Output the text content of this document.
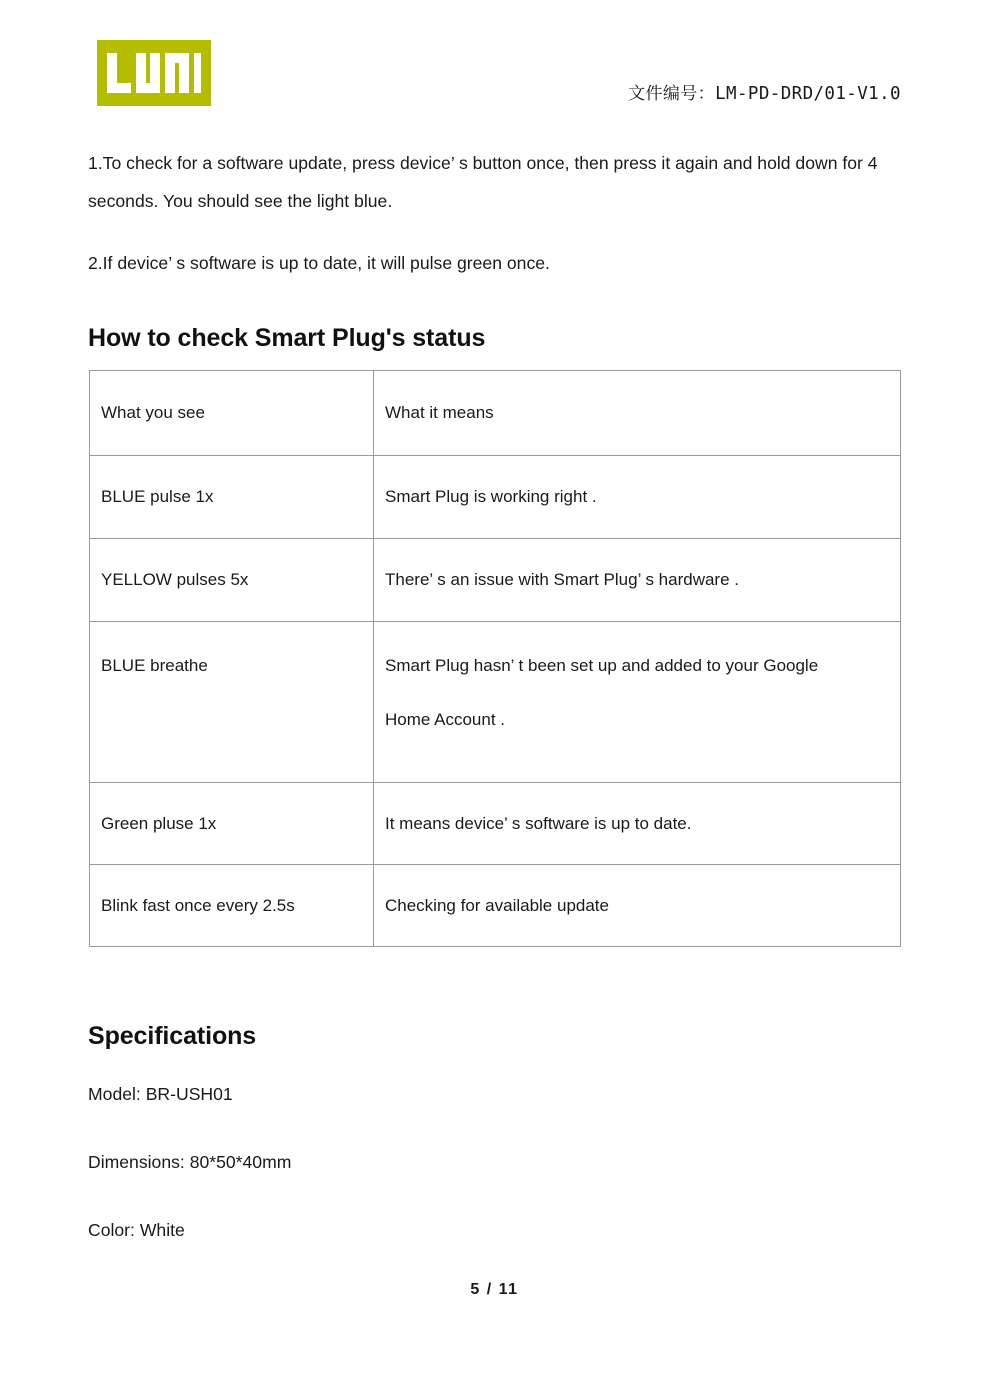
文件编号：LM-PD-DRD/01-V1.0

1.To check for a software update, press device’ s button once, then press it again and hold down for 4 seconds. You should see the light blue.

2.If device’ s software is up to date, it will pulse green once.

How to check Smart Plug's status
What you see	What it means
BLUE pulse 1x	Smart Plug is working right .
YELLOW pulses 5x	There’ s an issue with Smart Plug’ s hardware .
BLUE breathe	Smart Plug hasn’ t been set up and added to your Google
Home Account .

Green pluse 1x	It means device’ s software is up to date.
Blink fast once every 2.5s	Checking for available update
Specifications

Model: BR-USH01

Dimensions: 80*50*40mm

Color: White

5 / 11
